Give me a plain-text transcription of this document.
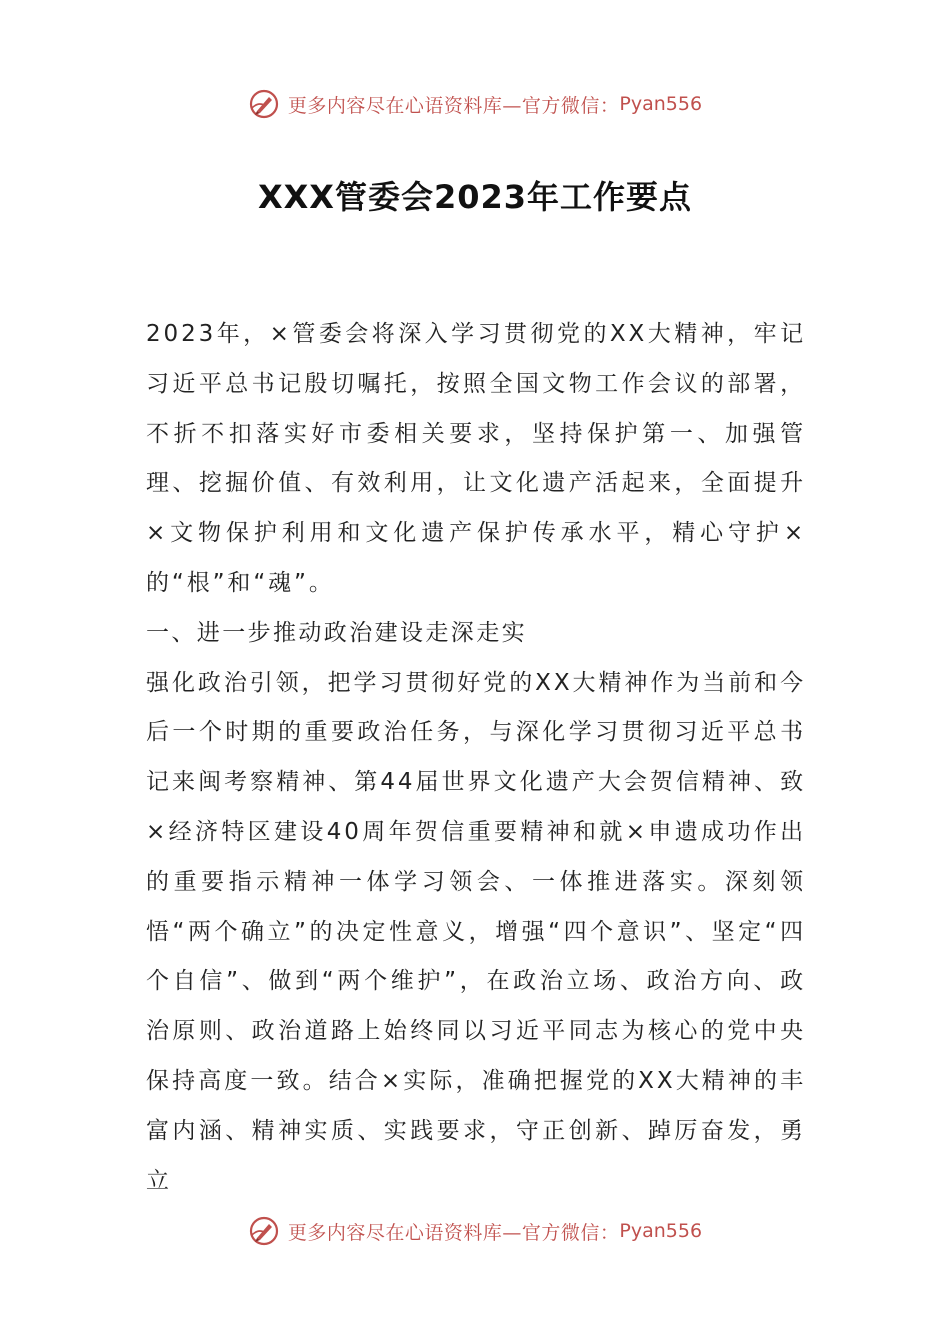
更多内容尽在心语资料库—官方微信： Pyan556
XXX管委会2023年工作要点

2023年，×管委会将深入学习贯彻党的XX大精神，牢记习近平总书记殷切嘱托，按照全国文物工作会议的部署，不折不扣落实好市委相关要求，坚持保护第一、加强管理、挖掘价值、有效利用，让文化遗产活起来，全面提升×文物保护利用和文化遗产保护传承水平，精心守护×的“根”和“魂”。

一、进一步推动政治建设走深走实

强化政治引领，把学习贯彻好党的XX大精神作为当前和今后一个时期的重要政治任务，与深化学习贯彻习近平总书记来闽考察精神、第44届世界文化遗产大会贺信精神、致×经济特区建设40周年贺信重要精神和就×申遗成功作出的重要指示精神一体学习领会、一体推进落实。深刻领悟“两个确立”的决定性意义，增强“四个意识”、坚定“四个自信”、做到“两个维护”，在政治立场、政治方向、政治原则、政治道路上始终同以习近平同志为核心的党中央保持高度一致。结合×实际，准确把握党的XX大精神的丰富内涵、精神实质、实践要求，守正创新、踔厉奋发，勇立

更多内容尽在心语资料库—官方微信： Pyan556
